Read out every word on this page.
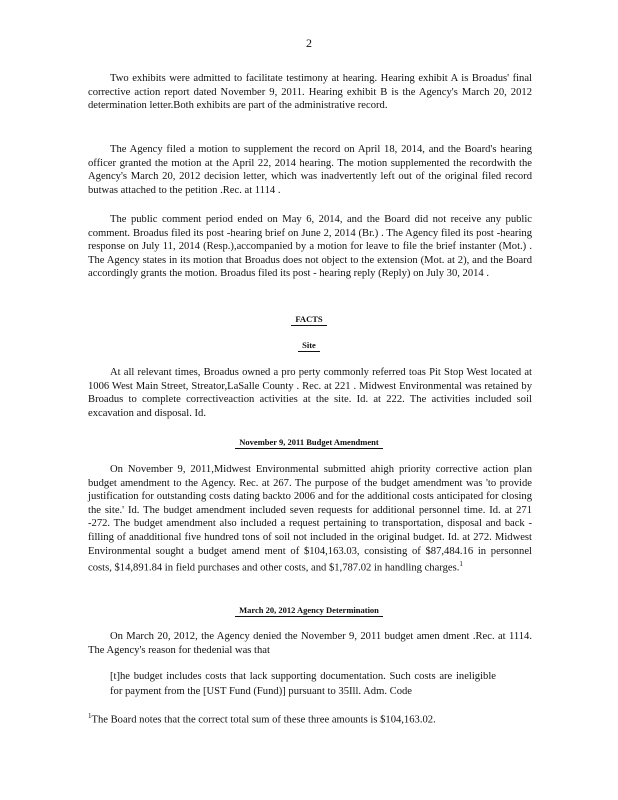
2

Two exhibits were admitted to facilitate testimony at hearing. Hearing exhibit A is Broadus' final corrective action report dated November 9, 2011. Hearing exhibit B is the Agency's March 20, 2012 determination letter.Both exhibits are part of the administrative record.

The Agency filed a motion to supplement the record on April 18, 2014, and the Board's hearing officer granted the motion at the April 22, 2014 hearing. The motion supplemented the recordwith the Agency's March 20, 2012 decision letter, which was inadvertently left out of the original filed record butwas attached to the petition .Rec. at 1114 .

The public comment period ended on May 6, 2014, and the Board did not receive any public comment. Broadus filed its post -hearing brief on June 2, 2014 (Br.) . The Agency filed its post -hearing response on July 11, 2014 (Resp.),accompanied by a motion for leave to file the brief instanter (Mot.) . The Agency states in its motion that Broadus does not object to the extension (Mot. at 2), and the Board accordingly grants the motion. Broadus filed its post - hearing reply (Reply) on July 30, 2014 .

FACTS
Site

At all relevant times, Broadus owned a pro perty commonly referred toas Pit Stop West located at 1006 West Main Street, Streator,LaSalle County . Rec. at 221 . Midwest Environmental was retained by Broadus to complete correctiveaction activities at the site. Id. at 222. The activities included soil excavation and disposal. Id.

November 9, 2011 Budget Amendment

On November 9, 2011,Midwest Environmental submitted ahigh priority corrective action plan budget amendment to the Agency. Rec. at 267. The purpose of the budget amendment was 'to provide justification for outstanding costs dating backto 2006 and for the additional costs anticipated for closing the site.' Id. The budget amendment included seven requests for additional personnel time. Id. at 271 -272. The budget amendment also included a request pertaining to transportation, disposal and back -filling of anadditional five hundred tons of soil not included in the original budget. Id. at 272. Midwest Environmental sought a budget amend ment of $104,163.03, consisting of $87,484.16 in personnel costs, $14,891.84 in field purchases and other costs, and $1,787.02 in handling charges.$^1$

March 20, 2012 Agency Determination

On March 20, 2012, the Agency denied the November 9, 2011 budget amen dment .Rec. at 1114. The Agency's reason for thedenial was that

[t]he budget includes costs that lack supporting documentation. Such costs are ineligible for payment from the [UST Fund (Fund)] pursuant to 35Ill. Adm. Code

$^1$The Board notes that the correct total sum of these three amounts is $104,163.02.
